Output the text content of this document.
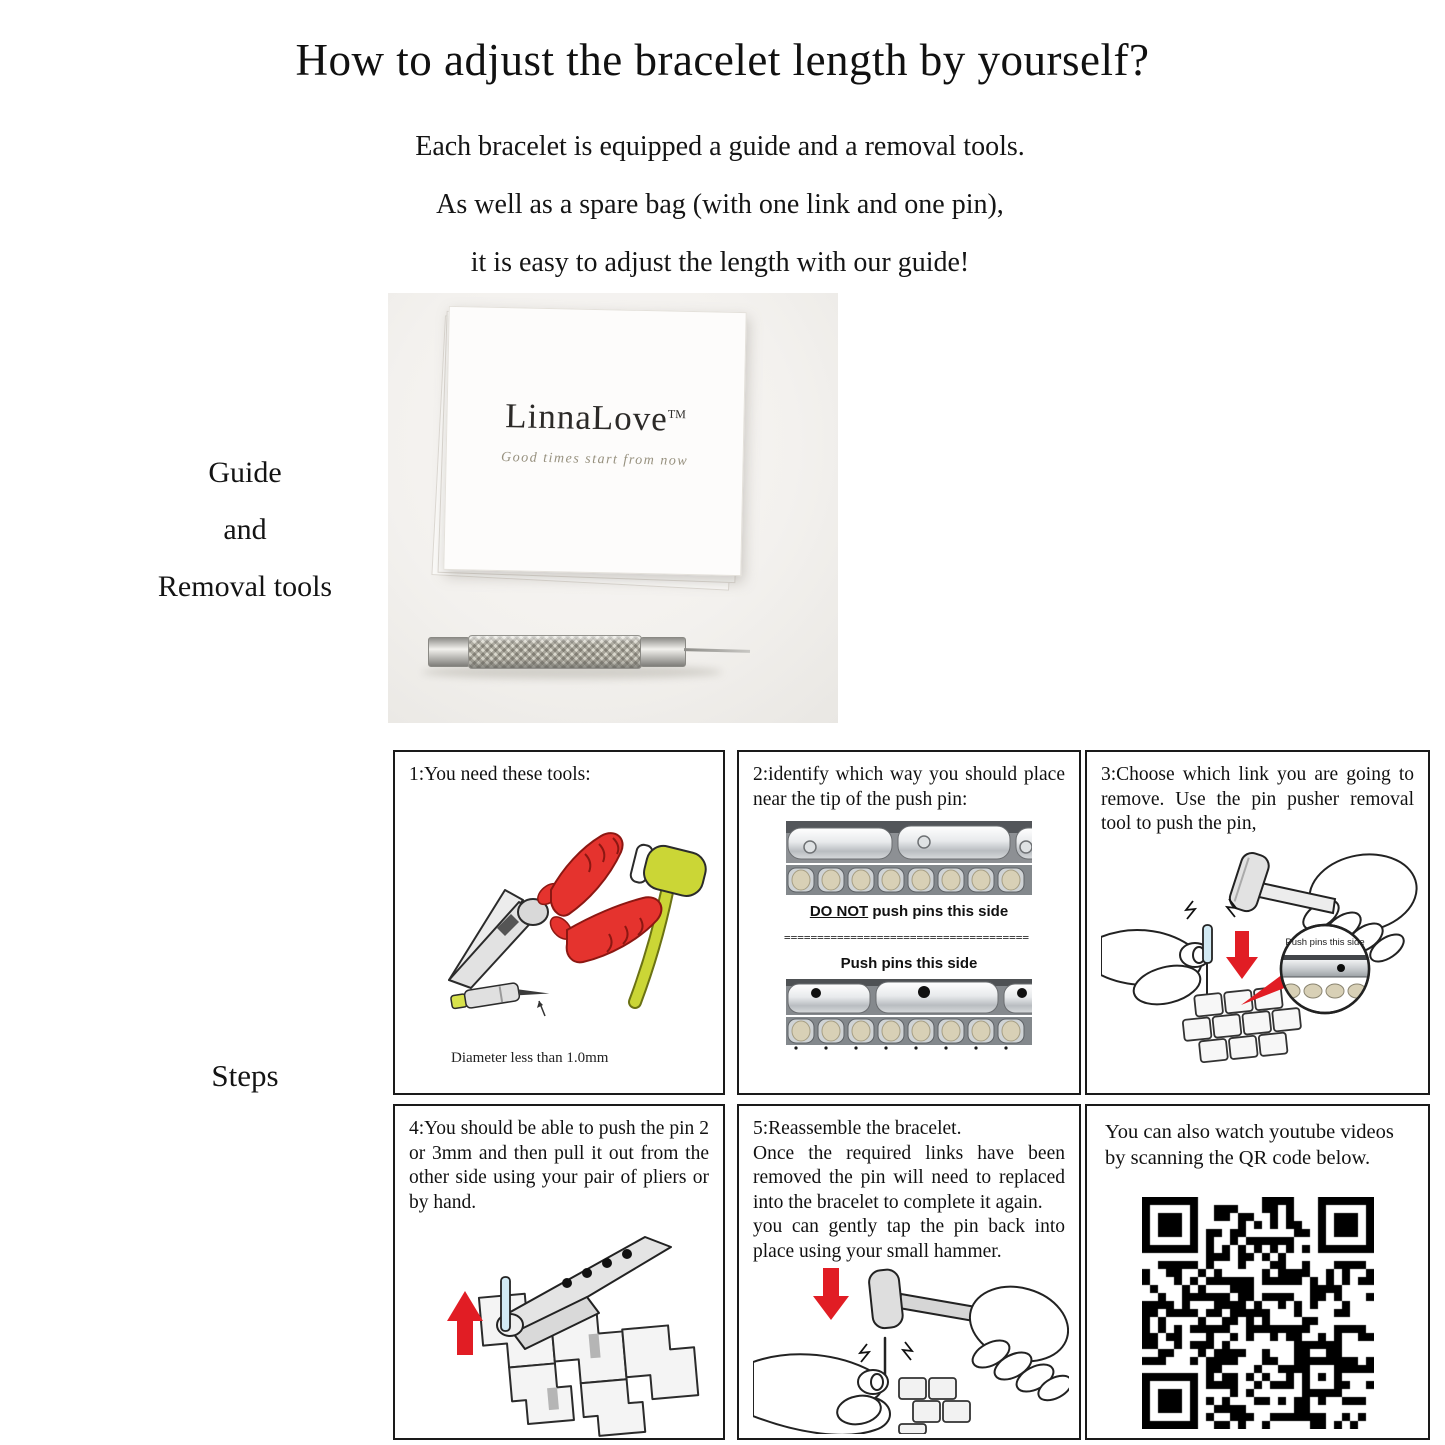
How to adjust the bracelet length by yourself?
Each bracelet is equipped a guide and a removal tools.
As well as a spare bag (with one link and one pin),
it is easy to adjust the length with our guide!
LinnaLove™
Good times start from now
Guide
and
Removal tools
Steps
1:You need these tools:
Diameter less than 1.0mm
2:identify which way you should place near the tip of the push pin:
DO NOT push pins this side
=====================================
Push pins this side
3:Choose which link you are going to remove. Use the pin pusher removal tool to push the pin,
Push pins this side
4:You should be able to push the pin 2 or 3mm and then pull it out from the other side using your pair of pliers or by hand.
5:Reassemble the bracelet.
Once the required links have been removed the pin will need to replaced into the bracelet to complete it again.
you can gently tap the pin back into place using your small hammer.
You can also watch youtube videos by scanning the QR code below.
